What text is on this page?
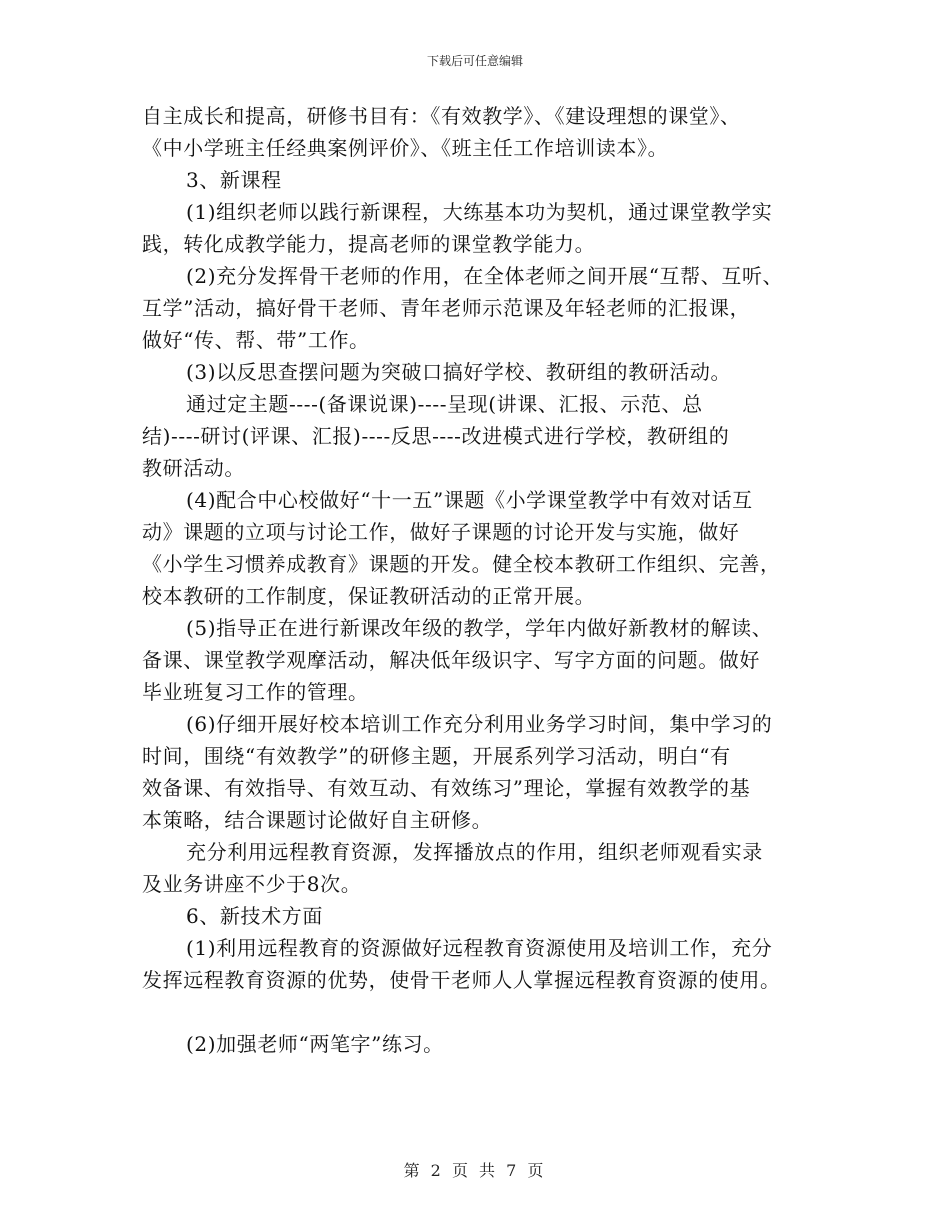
下载后可任意编辑
自主成长和提高，研修书目有：《有效教学》、《建设理想的课堂》、
《中小学班主任经典案例评价》、《班主任工作培训读本》。
3、新课程
(1)组织老师以践行新课程，大练基本功为契机，通过课堂教学实
践，转化成教学能力，提高老师的课堂教学能力。
(2)充分发挥骨干老师的作用，在全体老师之间开展“互帮、互听、
互学”活动，搞好骨干老师、青年老师示范课及年轻老师的汇报课，
做好“传、帮、带”工作。
(3)以反思查摆问题为突破口搞好学校、教研组的教研活动。
通过定主题----(备课说课)----呈现(讲课、汇报、示范、总
结)----研讨(评课、汇报)----反思----改进模式进行学校，教研组的
教研活动。
(4)配合中心校做好“十一五”课题《小学课堂教学中有效对话互
动》课题的立项与讨论工作，做好子课题的讨论开发与实施，做好
《小学生习惯养成教育》课题的开发。健全校本教研工作组织、完善，
校本教研的工作制度，保证教研活动的正常开展。
(5)指导正在进行新课改年级的教学，学年内做好新教材的解读、
备课、课堂教学观摩活动，解决低年级识字、写字方面的问题。做好
毕业班复习工作的管理。
(6)仔细开展好校本培训工作充分利用业务学习时间，集中学习的
时间，围绕“有效教学”的研修主题，开展系列学习活动，明白“有
效备课、有效指导、有效互动、有效练习”理论，掌握有效教学的基
本策略，结合课题讨论做好自主研修。
充分利用远程教育资源，发挥播放点的作用，组织老师观看实录
及业务讲座不少于8次。
6、新技术方面
(1)利用远程教育的资源做好远程教育资源使用及培训工作，充分
发挥远程教育资源的优势，使骨干老师人人掌握远程教育资源的使用。
(2)加强老师“两笔字”练习。
第 2 页 共 7 页
